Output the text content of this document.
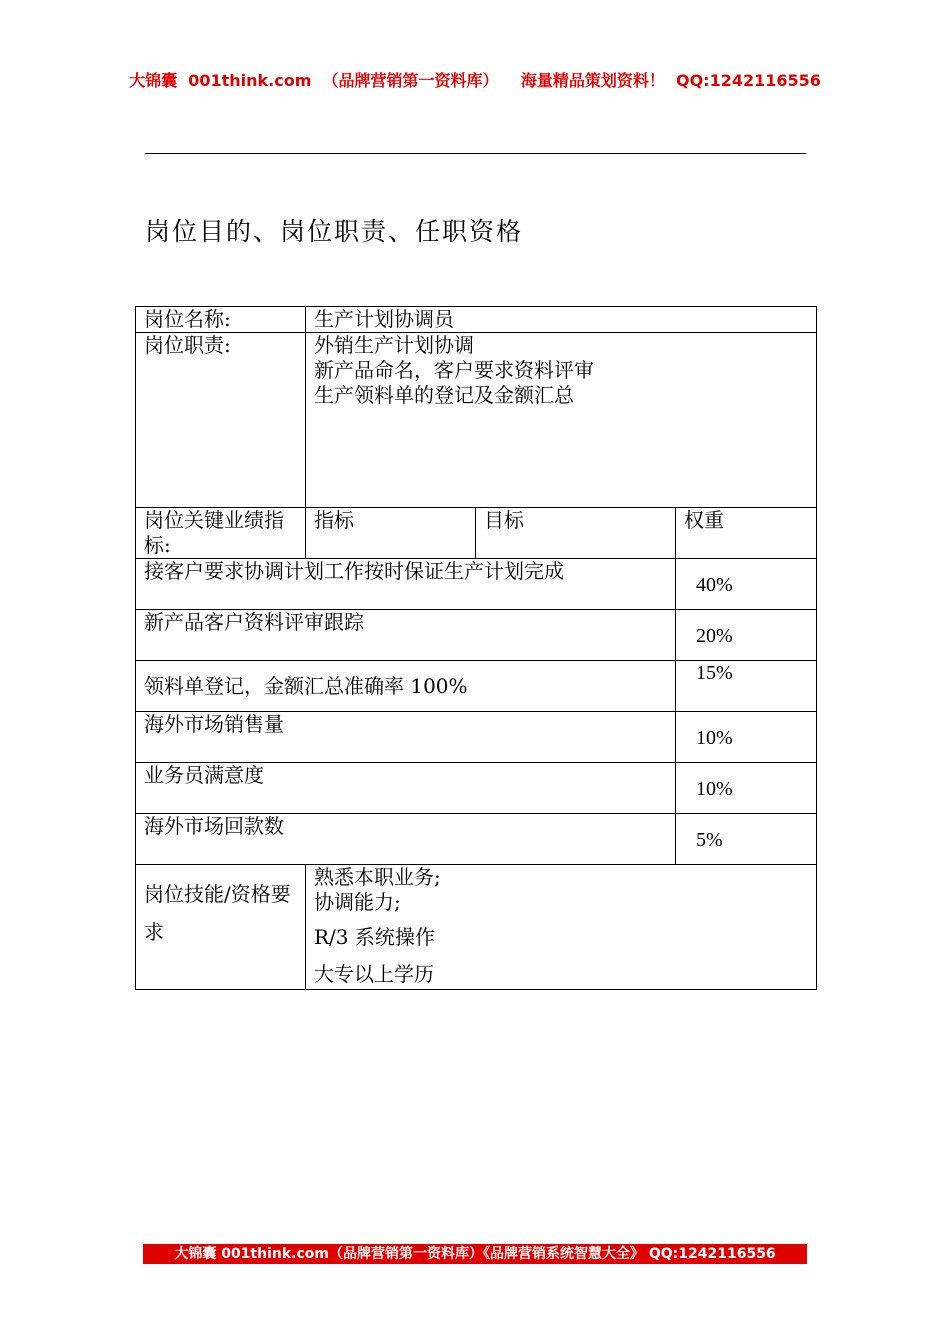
大锦囊  001think.com  （品牌营销第一资料库）    海量精品策划资料！  QQ:1242116556
岗位目的、岗位职责、任职资格
岗位名称:	生产计划协调员		
岗位职责:	外销生产计划协调
新产品命名，客户要求资料评审
生产领料单的登记及金额汇总		

岗位关键业绩指标:	指标	目标	权重
接客户要求协调计划工作按时保证生产计划完成			40%

新产品客户资料评审跟踪			20%

领料单登记，金额汇总准确率 100%			15%

海外市场销售量			10%

业务员满意度			10%

海外市场回款数			5%

岗位技能/资格要求	熟悉本职业务;
协调能力;
R/3 系统操作
大专以上学历		
大锦囊 001think.com（品牌营销第一资料库）《品牌营销系统智慧大全》 QQ:1242116556
